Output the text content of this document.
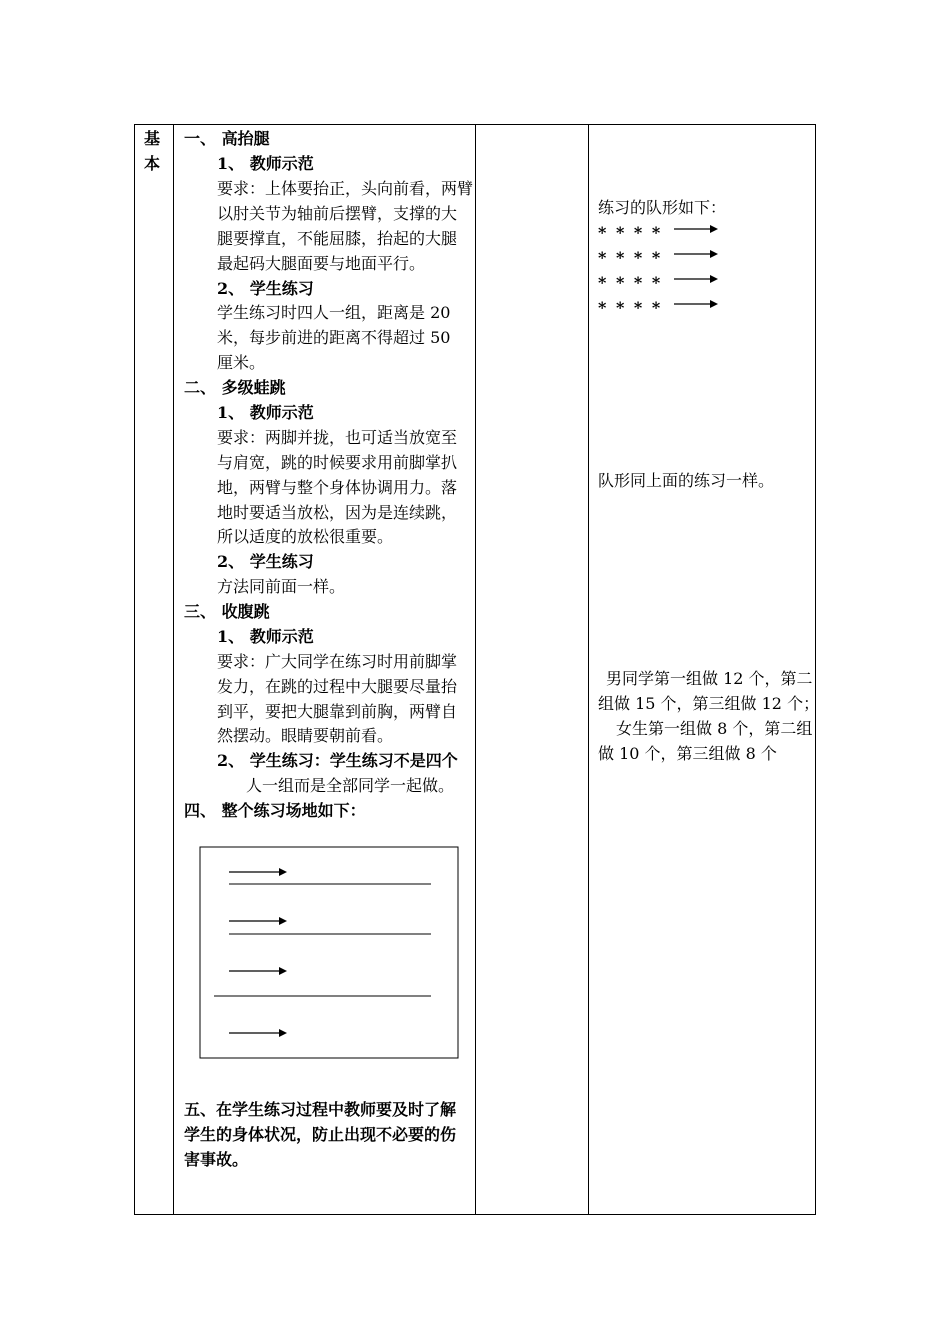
基
本
一、 高抬腿
1、 教师示范
要求：上体要抬正，头向前看，两臂
以肘关节为轴前后摆臂，支撑的大
腿要撑直，不能屈膝，抬起的大腿
最起码大腿面要与地面平行。
2、 学生练习
学生练习时四人一组，距离是 20
米，每步前进的距离不得超过 50
厘米。
二、 多级蛙跳
1、 教师示范
要求：两脚并拢，也可适当放宽至
与肩宽，跳的时候要求用前脚掌扒
地，两臂与整个身体协调用力。落
地时要适当放松，因为是连续跳，
所以适度的放松很重要。
2、 学生练习
方法同前面一样。
三、 收腹跳
1、 教师示范
要求：广大同学在练习时用前脚掌
发力，在跳的过程中大腿要尽量抬
到平，要把大腿靠到前胸，两臂自
然摆动。眼睛要朝前看。
2、 学生练习：学生练习不是四个
人一组而是全部同学一起做。
四、 整个练习场地如下：
五、在学生练习过程中教师要及时了解
学生的身体状况，防止出现不必要的伤
害事故。
练习的队形如下：
* * * *
* * * *
* * * *
* * * *
队形同上面的练习一样。
男同学第一组做 12 个，第二
组做 15 个，第三组做 12 个；
女生第一组做 8 个，第二组
做 10 个，第三组做 8 个
